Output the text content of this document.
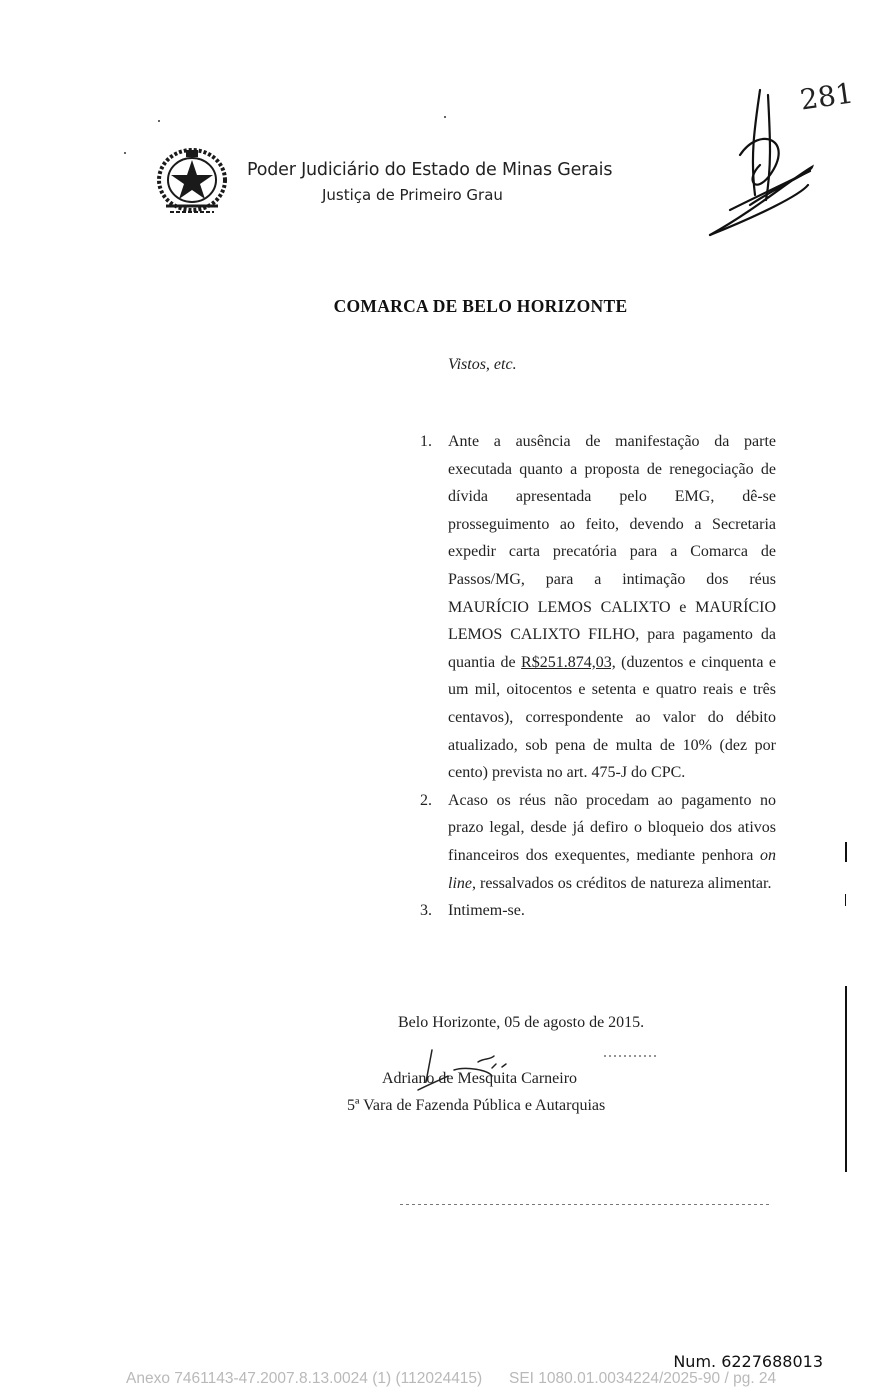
Poder Judiciário do Estado de Minas Gerais
Justiça de Primeiro Grau
281
COMARCA DE BELO HORIZONTE
Vistos, etc.
1. Ante a ausência de manifestação da parte executada quanto a proposta de renegociação de dívida apresentada pelo EMG, dê-se prosseguimento ao feito, devendo a Secretaria expedir carta precatória para a Comarca de Passos/MG, para a intimação dos réus MAURÍCIO LEMOS CALIXTO e MAURÍCIO LEMOS CALIXTO FILHO, para pagamento da quantia de R$251.874,03, (duzentos e cinquenta e um mil, oitocentos e setenta e quatro reais e três centavos), correspondente ao valor do débito atualizado, sob pena de multa de 10% (dez por cento) prevista no art. 475-J do CPC.
2. Acaso os réus não procedam ao pagamento no prazo legal, desde já defiro o bloqueio dos ativos financeiros dos exequentes, mediante penhora on line, ressalvados os créditos de natureza alimentar.
3. Intimem-se.
Belo Horizonte, 05 de agosto de 2015.
Adriano de Mesquita Carneiro
5ª Vara de Fazenda Pública e Autarquias
Num. 6227688013
Anexo 7461143-47.2007.8.13.0024 (1) (112024415) SEI 1080.01.0034224/2025-90 / pg. 24
